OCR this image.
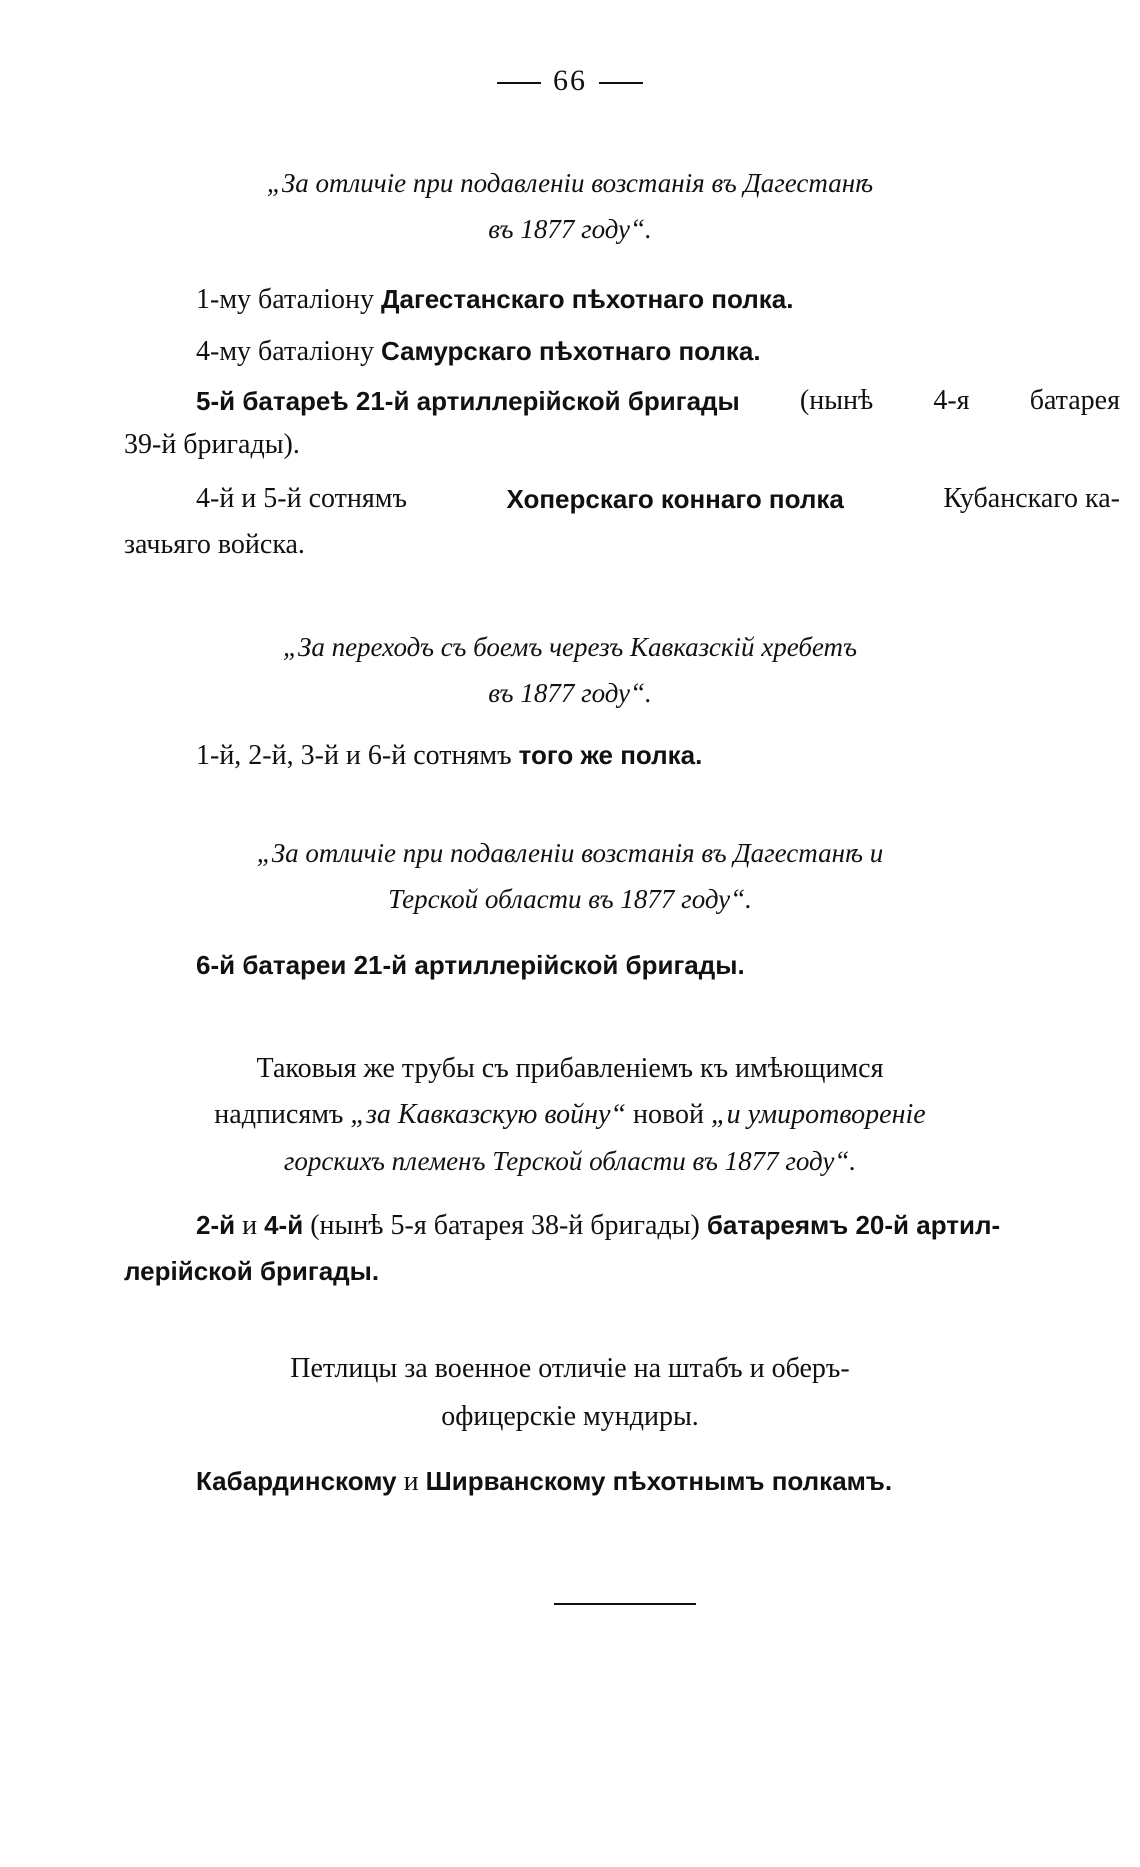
66
„За отличіе при подавленіи возстанія въ Дагестанѣ
въ 1877 году“.
1-му баталіону Дагестанскаго пѣхотнаго полка.
4-му баталіону Самурскаго пѣхотнаго полка.
5-й батареѣ 21-й артиллерійской бригады (нынѣ 4-я батарея
39-й бригады).
4-й и 5-й сотнямъ	Хоперскаго коннаго полка	Кубанскаго ка-
зачьяго войска.
„За переходъ съ боемъ черезъ Кавказскій хребетъ
въ 1877 году“.
1-й, 2-й, 3-й и 6-й сотнямъ того же полка.
„За отличіе при подавленіи возстанія въ Дагестанѣ и
Терской области въ 1877 году“.
6-й батареи 21-й артиллерійской бригады.
Таковыя же трубы съ прибавленіемъ къ имѣющимся
надписямъ „за Кавказскую войну“ новой „и умиротвореніе
горскихъ племенъ Терской области въ 1877 году“.
2-й и 4-й (нынѣ 5-я батарея 38-й бригады) батареямъ 20-й артил-
лерійской бригады.
Петлицы за военное отличіе на штабъ и оберъ-
офицерскіе мундиры.
Кабардинскому и Ширванскому пѣхотнымъ полкамъ.
